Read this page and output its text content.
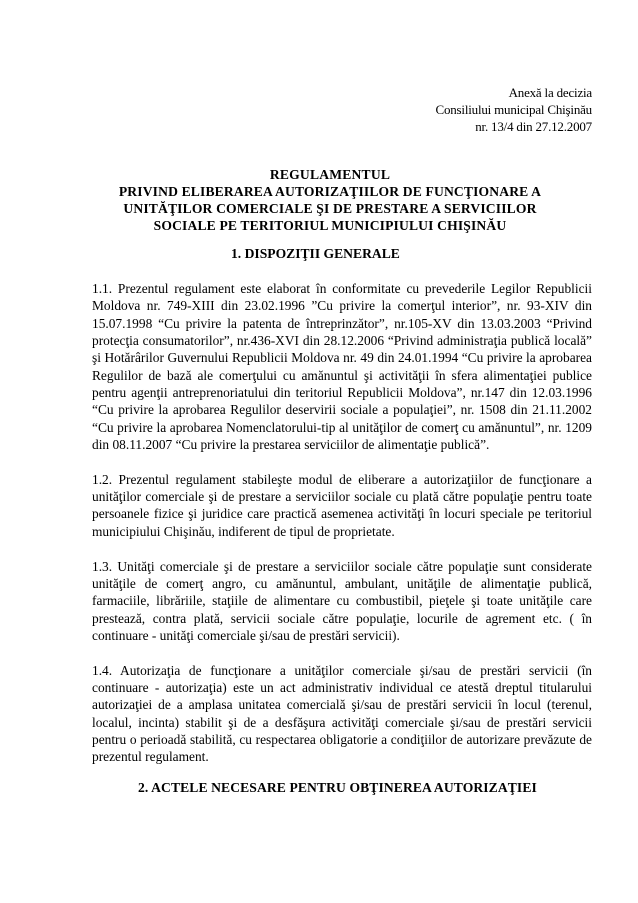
Anexă la decizia
Consiliului municipal Chişinău
nr. 13/4 din 27.12.2007
REGULAMENTUL
PRIVIND ELIBERAREA AUTORIZAŢIILOR DE FUNCŢIONARE A
UNITĂŢILOR COMERCIALE ŞI DE PRESTARE A SERVICIILOR
SOCIALE PE TERITORIUL MUNICIPIULUI CHIŞINĂU
1. DISPOZIŢII GENERALE

1.1. Prezentul regulament este elaborat în conformitate cu prevederile Legilor Republicii Moldova nr. 749-XIII din 23.02.1996 ”Cu privire la comerţul interior”, nr. 93-XIV din 15.07.1998 “Cu privire la patenta de întreprinzător”, nr.105-XV din 13.03.2003 “Privind protecţia consumatorilor”, nr.436-XVI din 28.12.2006 “Privind administraţia publică locală” şi Hotărârilor Guvernului Republicii Moldova nr. 49 din 24.01.1994 “Cu privire la aprobarea Regulilor de bază ale comerţului cu amănuntul şi activităţii în sfera alimentaţiei publice pentru agenţii antreprenoriatului din teritoriul Republicii Moldova”, nr.147 din 12.03.1996 “Cu privire la aprobarea Regulilor deservirii sociale a populaţiei”, nr. 1508 din 21.11.2002 “Cu privire la aprobarea Nomenclatorului-tip al unităţilor de comerţ cu amănuntul”, nr. 1209 din 08.11.2007 “Cu privire la prestarea serviciilor de alimentaţie publică”.

1.2. Prezentul regulament stabileşte modul de eliberare a autorizaţiilor de funcţionare a unităţilor comerciale şi de prestare a serviciilor sociale cu plată către populaţie pentru toate persoanele fizice şi juridice care practică asemenea activităţi în locuri speciale pe teritoriul municipiului Chişinău, indiferent de tipul de proprietate.

1.3. Unităţi comerciale şi de prestare a serviciilor sociale către populaţie sunt considerate unităţile de comerţ angro, cu amănuntul, ambulant, unităţile de alimentaţie publică, farmaciile, librăriile, staţiile de alimentare cu combustibil, pieţele şi toate unităţile care prestează, contra plată, servicii sociale către populaţie, locurile de agrement etc. ( în continuare - unităţi comerciale şi/sau de prestări servicii).

1.4. Autorizaţia de funcţionare a unităţilor comerciale şi/sau de prestări servicii (în continuare - autorizaţia) este un act administrativ individual ce atestă dreptul titularului autorizaţiei de a amplasa unitatea comercială şi/sau de prestări servicii în locul (terenul, localul, incinta) stabilit şi de a desfăşura activităţi comerciale şi/sau de prestări servicii pentru o perioadă stabilită, cu respectarea obligatorie a condiţiilor de autorizare prevăzute de prezentul regulament.

2. ACTELE NECESARE PENTRU OBŢINEREA AUTORIZAŢIEI
